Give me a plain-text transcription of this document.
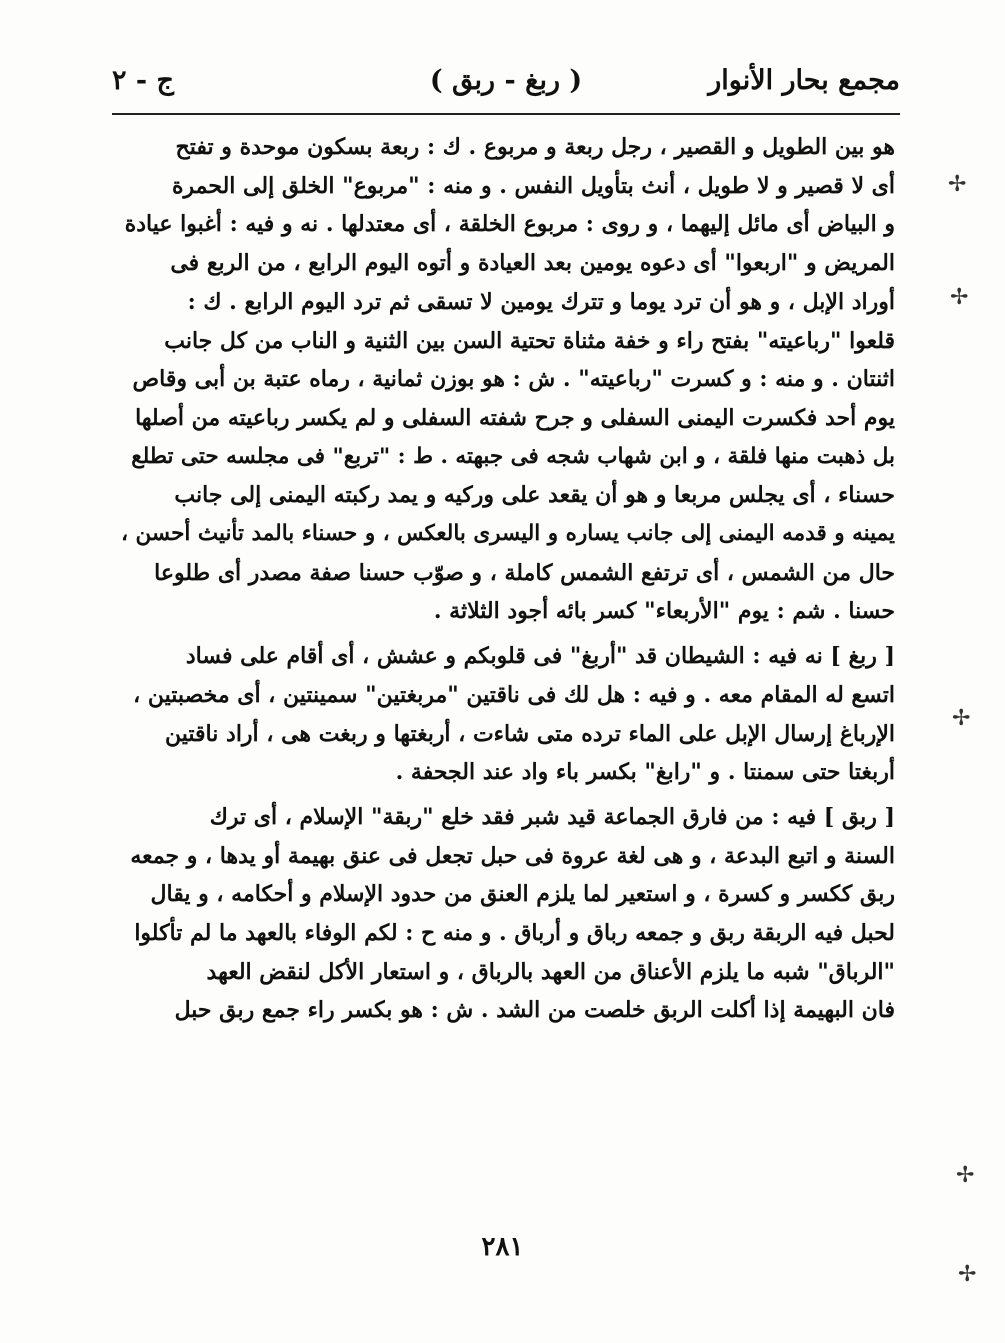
مجمع بحار الأنوار
( ربغ - ربق )
ج - ٢
هو بين الطويل و القصير ، رجل ربعة و مربوع . ك : ربعة بسكون موحدة و تفتح
أى لا قصير و لا طويل ، أنث بتأويل النفس . و منه : "مربوع" الخلق إلى الحمرة
و البياض أى مائل إليهما ، و روى : مربوع الخلقة ، أى معتدلها . نه و فيه : أغبوا عيادة
المريض و "اربعوا" أى دعوه يومين بعد العيادة و أتوه اليوم الرابع ، من الربع فى
أوراد الإبل ، و هو أن ترد يوما و تترك يومين لا تسقى ثم ترد اليوم الرابع . ك :
قلعوا "رباعيته" بفتح راء و خفة مثناة تحتية السن بين الثنية و الناب من كل جانب
اثنتان . و منه : و كسرت "رباعيته" . ش : هو بوزن ثمانية ، رماه عتبة بن أبى وقاص
يوم أحد فكسرت اليمنى السفلى و جرح شفته السفلى و لم يكسر رباعيته من أصلها
بل ذهبت منها فلقة ، و ابن شهاب شجه فى جبهته . ط : "تربع" فى مجلسه حتى تطلع
حسناء ، أى يجلس مربعا و هو أن يقعد على وركيه و يمد ركبته اليمنى إلى جانب
يمينه و قدمه اليمنى إلى جانب يساره و اليسرى بالعكس ، و حسناء بالمد تأنيث أحسن ،
حال من الشمس ، أى ترتفع الشمس كاملة ، و صوّب حسنا صفة مصدر أى طلوعا
حسنا . شم : يوم "الأربعاء" كسر بائه أجود الثلاثة .
[ ربغ ] نه فيه : الشيطان قد "أربغ" فى قلوبكم و عشش ، أى أقام على فساد
اتسع له المقام معه . و فيه : هل لك فى ناقتين "مربغتين" سمينتين ، أى مخصبتين ،
الإرباغ إرسال الإبل على الماء ترده متى شاءت ، أربغتها و ربغت هى ، أراد ناقتين
أربغتا حتى سمنتا . و "رابغ" بكسر باء واد عند الجحفة .
[ ربق ] فيه : من فارق الجماعة قيد شبر فقد خلع "ربقة" الإسلام ، أى ترك
السنة و اتبع البدعة ، و هى لغة عروة فى حبل تجعل فى عنق بهيمة أو يدها ، و جمعه
ربق ككسر و كسرة ، و استعير لما يلزم العنق من حدود الإسلام و أحكامه ، و يقال
لحبل فيه الربقة ربق و جمعه رباق و أرباق . و منه ح : لكم الوفاء بالعهد ما لم تأكلوا
"الرباق" شبه ما يلزم الأعناق من العهد بالرباق ، و استعار الأكل لنقض العهد
فان البهيمة إذا أكلت الربق خلصت من الشد . ش : هو بكسر راء جمع ربق حبل
٢٨١
✢
✢
✢
✢
✢
